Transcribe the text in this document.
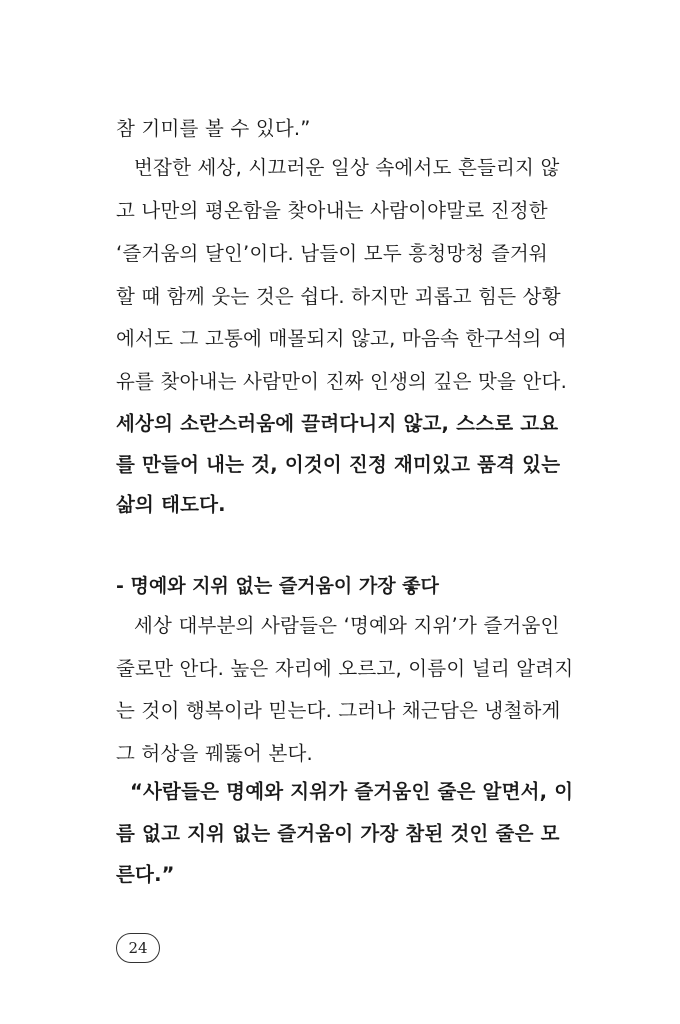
참 기미를 볼 수 있다.”
번잡한 세상, 시끄러운 일상 속에서도 흔들리지 않
고 나만의 평온함을 찾아내는 사람이야말로 진정한
‘즐거움의 달인’이다. 남들이 모두 흥청망청 즐거워
할 때 함께 웃는 것은 쉽다. 하지만 괴롭고 힘든 상황
에서도 그 고통에 매몰되지 않고, 마음속 한구석의 여
유를 찾아내는 사람만이 진짜 인생의 깊은 맛을 안다.
세상의 소란스러움에 끌려다니지 않고, 스스로 고요
를 만들어 내는 것, 이것이 진정 재미있고 품격 있는
삶의 태도다.
- 명예와 지위 없는 즐거움이 가장 좋다
세상 대부분의 사람들은 ‘명예와 지위’가 즐거움인
줄로만 안다. 높은 자리에 오르고, 이름이 널리 알려지
는 것이 행복이라 믿는다. 그러나 채근담은 냉철하게
그 허상을 꿰뚫어 본다.
“사람들은 명예와 지위가 즐거움인 줄은 알면서, 이
름 없고 지위 없는 즐거움이 가장 참된 것인 줄은 모
른다.”
24
